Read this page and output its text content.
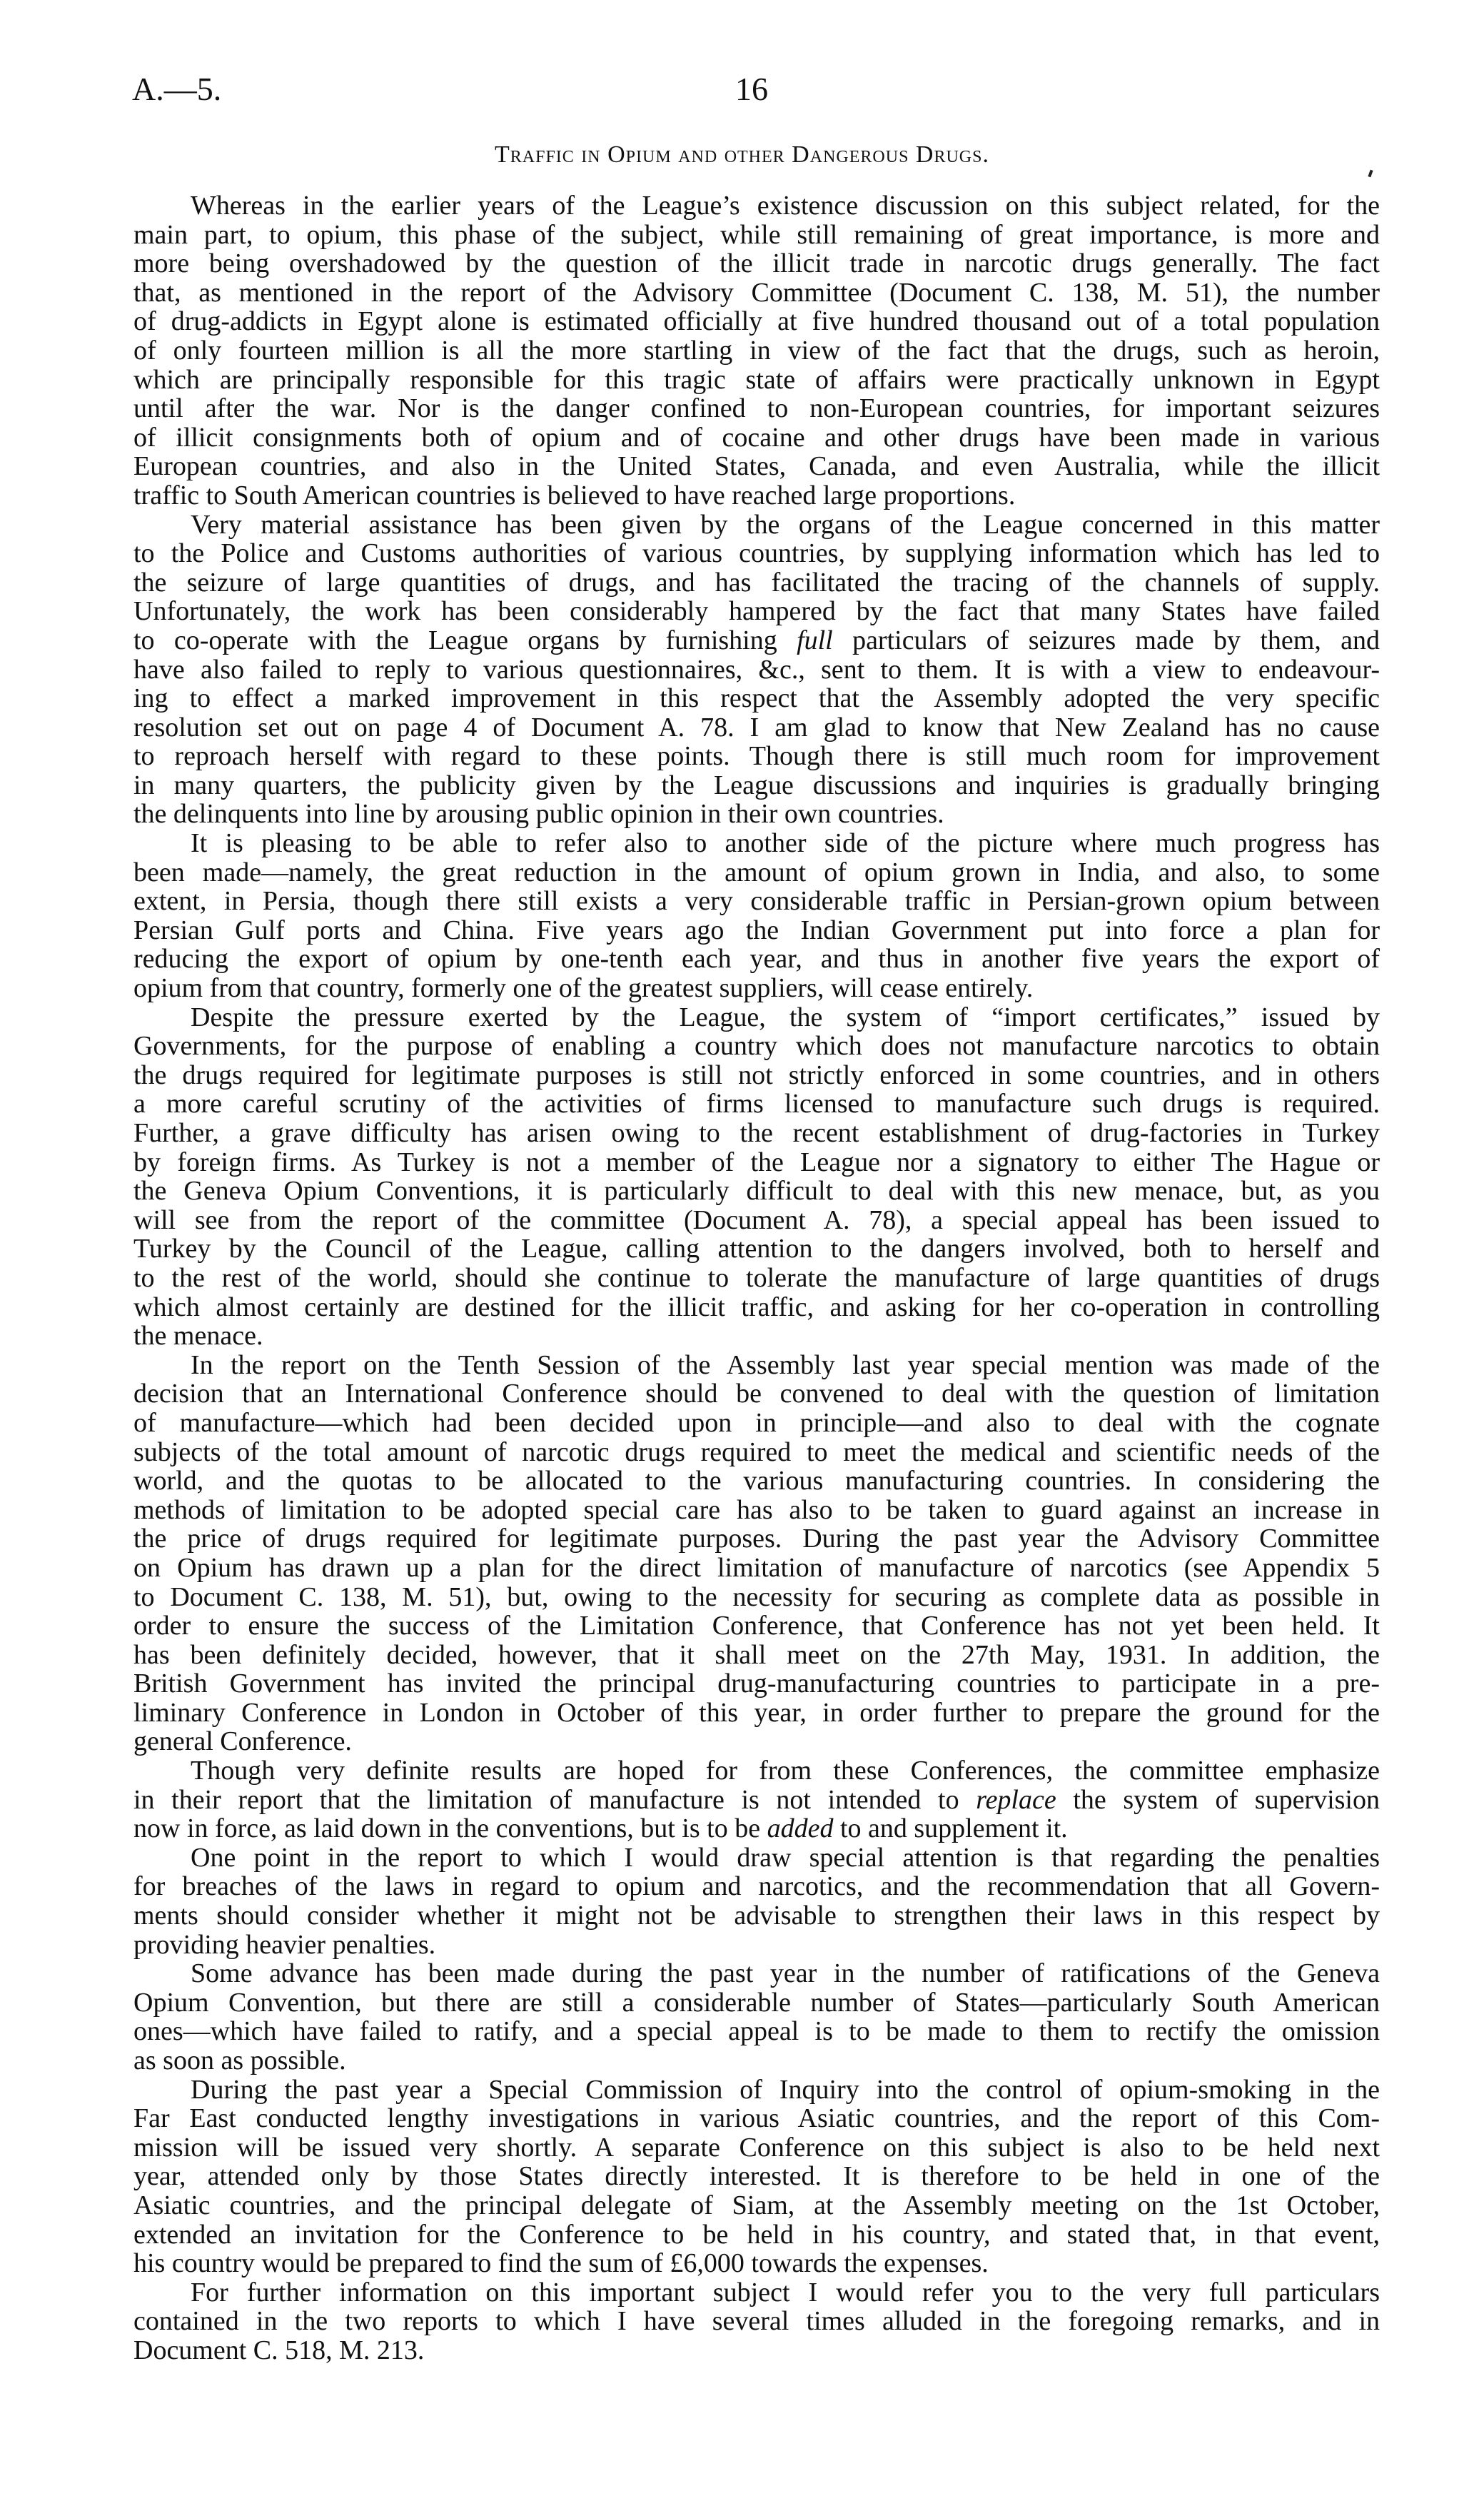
A.—5.	16
Traffic in Opium and other Dangerous Drugs.
Whereas in the earlier years of the League’s existence discussion on this subject related, for the
main part, to opium, this phase of the subject, while still remaining of great importance, is more and
more being overshadowed by the question of the illicit trade in narcotic drugs generally. The fact
that, as mentioned in the report of the Advisory Committee (Document C. 138, M. 51), the number
of drug-addicts in Egypt alone is estimated officially at five hundred thousand out of a total population
of only fourteen million is all the more startling in view of the fact that the drugs, such as heroin,
which are principally responsible for this tragic state of affairs were practically unknown in Egypt
until after the war. Nor is the danger confined to non-European countries, for important seizures
of illicit consignments both of opium and of cocaine and other drugs have been made in various
European countries, and also in the United States, Canada, and even Australia, while the illicit
traffic to South American countries is believed to have reached large proportions.
Very material assistance has been given by the organs of the League concerned in this matter
to the Police and Customs authorities of various countries, by supplying information which has led to
the seizure of large quantities of drugs, and has facilitated the tracing of the channels of supply.
Unfortunately, the work has been considerably hampered by the fact that many States have failed
to co-operate with the League organs by furnishing full particulars of seizures made by them, and
have also failed to reply to various questionnaires, &c., sent to them. It is with a view to endeavour-
ing to effect a marked improvement in this respect that the Assembly adopted the very specific
resolution set out on page 4 of Document A. 78. I am glad to know that New Zealand has no cause
to reproach herself with regard to these points. Though there is still much room for improvement
in many quarters, the publicity given by the League discussions and inquiries is gradually bringing
the delinquents into line by arousing public opinion in their own countries.
It is pleasing to be able to refer also to another side of the picture where much progress has
been made—namely, the great reduction in the amount of opium grown in India, and also, to some
extent, in Persia, though there still exists a very considerable traffic in Persian-grown opium between
Persian Gulf ports and China. Five years ago the Indian Government put into force a plan for
reducing the export of opium by one-tenth each year, and thus in another five years the export of
opium from that country, formerly one of the greatest suppliers, will cease entirely.
Despite the pressure exerted by the League, the system of “import certificates,” issued by
Governments, for the purpose of enabling a country which does not manufacture narcotics to obtain
the drugs required for legitimate purposes is still not strictly enforced in some countries, and in others
a more careful scrutiny of the activities of firms licensed to manufacture such drugs is required.
Further, a grave difficulty has arisen owing to the recent establishment of drug-factories in Turkey
by foreign firms. As Turkey is not a member of the League nor a signatory to either The Hague or
the Geneva Opium Conventions, it is particularly difficult to deal with this new menace, but, as you
will see from the report of the committee (Document A. 78), a special appeal has been issued to
Turkey by the Council of the League, calling attention to the dangers involved, both to herself and
to the rest of the world, should she continue to tolerate the manufacture of large quantities of drugs
which almost certainly are destined for the illicit traffic, and asking for her co-operation in controlling
the menace.
In the report on the Tenth Session of the Assembly last year special mention was made of the
decision that an International Conference should be convened to deal with the question of limitation
of manufacture—which had been decided upon in principle—and also to deal with the cognate
subjects of the total amount of narcotic drugs required to meet the medical and scientific needs of the
world, and the quotas to be allocated to the various manufacturing countries. In considering the
methods of limitation to be adopted special care has also to be taken to guard against an increase in
the price of drugs required for legitimate purposes. During the past year the Advisory Committee
on Opium has drawn up a plan for the direct limitation of manufacture of narcotics (see Appendix 5
to Document C. 138, M. 51), but, owing to the necessity for securing as complete data as possible in
order to ensure the success of the Limitation Conference, that Conference has not yet been held. It
has been definitely decided, however, that it shall meet on the 27th May, 1931. In addition, the
British Government has invited the principal drug-manufacturing countries to participate in a pre-
liminary Conference in London in October of this year, in order further to prepare the ground for the
general Conference.
Though very definite results are hoped for from these Conferences, the committee emphasize
in their report that the limitation of manufacture is not intended to replace the system of supervision
now in force, as laid down in the conventions, but is to be added to and supplement it.
One point in the report to which I would draw special attention is that regarding the penalties
for breaches of the laws in regard to opium and narcotics, and the recommendation that all Govern-
ments should consider whether it might not be advisable to strengthen their laws in this respect by
providing heavier penalties.
Some advance has been made during the past year in the number of ratifications of the Geneva
Opium Convention, but there are still a considerable number of States—particularly South American
ones—which have failed to ratify, and a special appeal is to be made to them to rectify the omission
as soon as possible.
During the past year a Special Commission of Inquiry into the control of opium-smoking in the
Far East conducted lengthy investigations in various Asiatic countries, and the report of this Com-
mission will be issued very shortly. A separate Conference on this subject is also to be held next
year, attended only by those States directly interested. It is therefore to be held in one of the
Asiatic countries, and the principal delegate of Siam, at the Assembly meeting on the 1st October,
extended an invitation for the Conference to be held in his country, and stated that, in that event,
his country would be prepared to find the sum of £6,000 towards the expenses.
For further information on this important subject I would refer you to the very full particulars
contained in the two reports to which I have several times alluded in the foregoing remarks, and in
Document C. 518, M. 213.
